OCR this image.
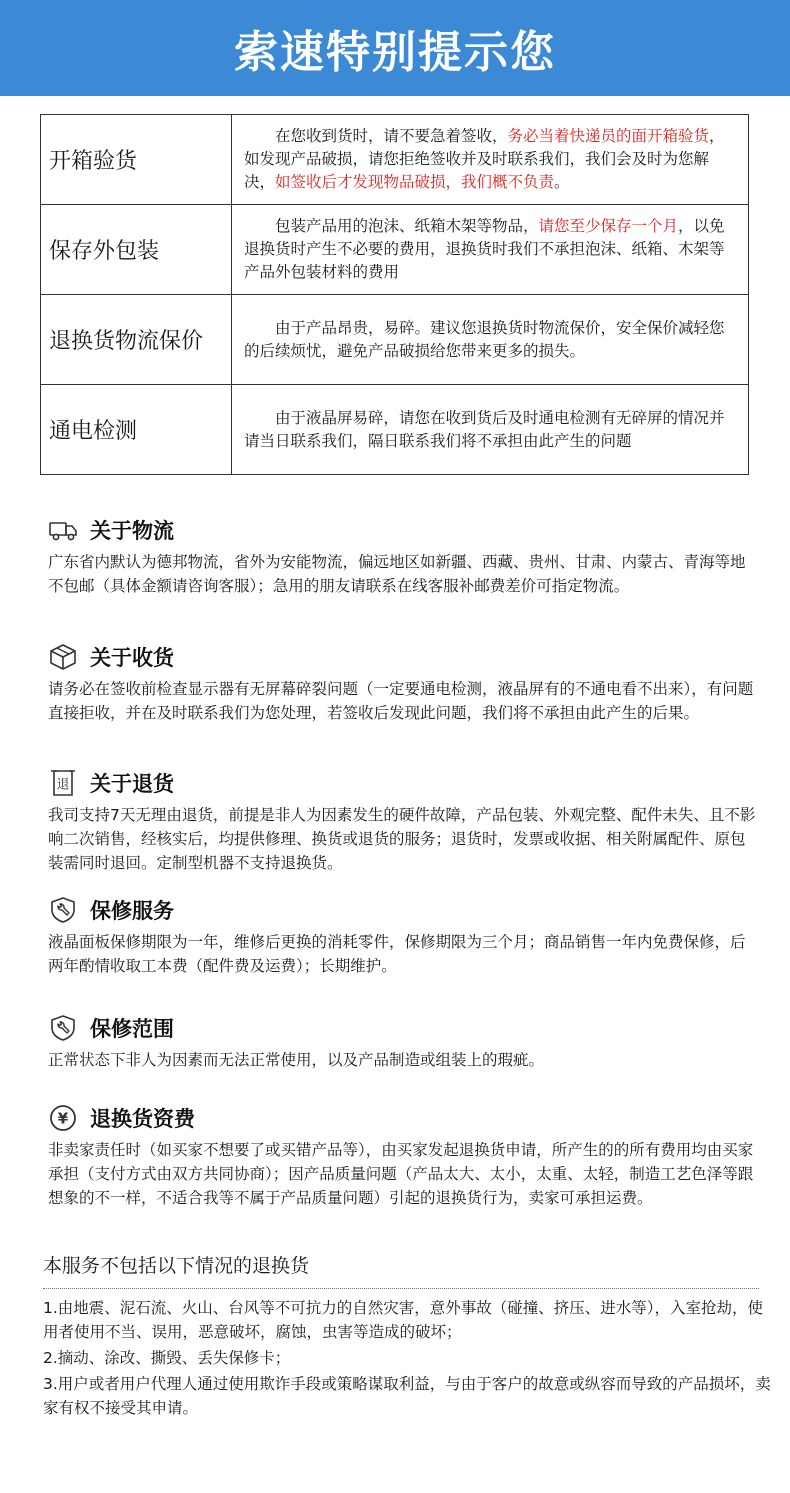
索速特别提示您
开箱验货	在您收到货时，请不要急着签收，务必当着快递员的面开箱验货，如发现产品破损，请您拒绝签收并及时联系我们，我们会及时为您解决，如签收后才发现物品破损，我们概不负责。
保存外包装	包装产品用的泡沫、纸箱木架等物品，请您至少保存一个月，以免退换货时产生不必要的费用，退换货时我们不承担泡沫、纸箱、木架等产品外包装材料的费用
退换货物流保价	由于产品昂贵，易碎。建议您退换货时物流保价，安全保价减轻您的后续烦忧，避免产品破损给您带来更多的损失。
通电检测	由于液晶屏易碎，请您在收到货后及时通电检测有无碎屏的情况并请当日联系我们，隔日联系我们将不承担由此产生的问题
关于物流
广东省内默认为德邦物流，省外为安能物流，偏远地区如新疆、西藏、贵州、甘肃、内蒙古、青海等地不包邮（具体金额请咨询客服）；急用的朋友请联系在线客服补邮费差价可指定物流。
关于收货
请务必在签收前检查显示器有无屏幕碎裂问题（一定要通电检测，液晶屏有的不通电看不出来），有问题直接拒收，并在及时联系我们为您处理，若签收后发现此问题，我们将不承担由此产生的后果。
退 关于退货
我司支持7天无理由退货，前提是非人为因素发生的硬件故障，产品包装、外观完整、配件未失、且不影响二次销售，经核实后，均提供修理、换货或退货的服务；退货时，发票或收据、相关附属配件、原包装需同时退回。定制型机器不支持退换货。
保修服务
液晶面板保修期限为一年，维修后更换的消耗零件，保修期限为三个月；商品销售一年内免费保修，后两年酌情收取工本费（配件费及运费）；长期维护。
保修范围
正常状态下非人为因素而无法正常使用，以及产品制造或组装上的瑕疵。
¥ 退换货资费
非卖家责任时（如买家不想要了或买错产品等），由买家发起退换货申请，所产生的的所有费用均由买家承担（支付方式由双方共同协商）；因产品质量问题（产品太大、太小，太重、太轻，制造工艺色泽等跟想象的不一样，不适合我等不属于产品质量问题）引起的退换货行为，卖家可承担运费。
本服务不包括以下情况的退换货

1.由地震、泥石流、火山、台风等不可抗力的自然灾害，意外事故（碰撞、挤压、进水等），入室抢劫，使用者使用不当、误用，恶意破坏，腐蚀，虫害等造成的破坏；

2.摘动、涂改、撕毁、丢失保修卡；

3.用户或者用户代理人通过使用欺诈手段或策略谋取利益，与由于客户的故意或纵容而导致的产品损坏，卖家有权不接受其申请。
